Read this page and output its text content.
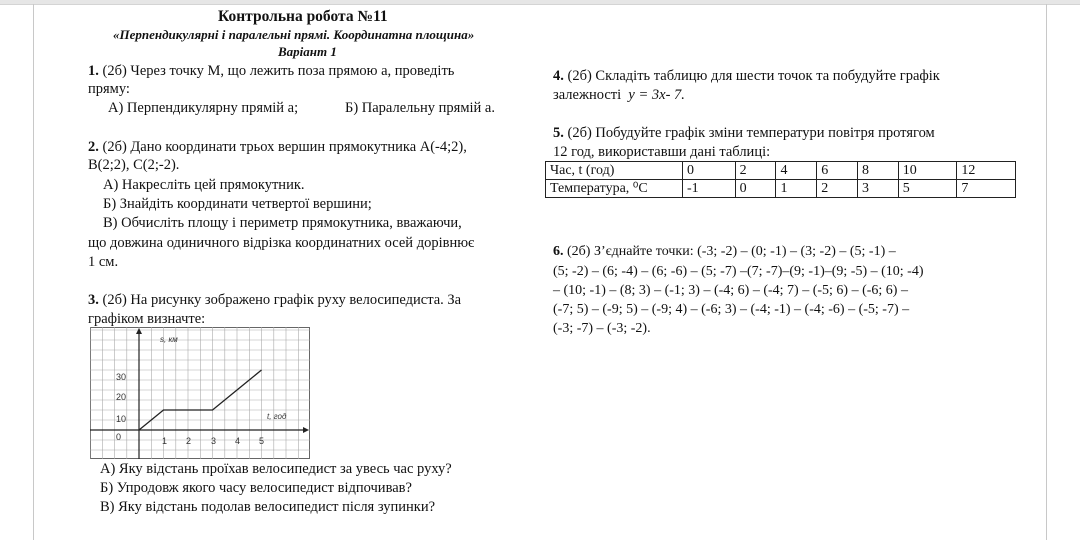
Контрольна робота №11
«Перпендикулярні і паралельні прямі. Координатна площина»
Варіант 1
1. (2б) Через точку М, що лежить поза прямою а, проведіть
пряму:
А) Перпендикулярну прямій а;	Б) Паралельну прямій а.
2. (2б) Дано координати трьох вершин прямокутника А(-4;2),
В(2;2), С(2;-2).
А) Накресліть цей прямокутник.
Б) Знайдіть координати четвертої вершини;
В) Обчисліть площу і периметр прямокутника, вважаючи,
що довжина одиничного відрізка координатних осей дорівнює
1 см.
3. (2б) На рисунку зображено графік руху велосипедиста. За
графіком визначте:
s, км
t, год
30
20
10
0	1 2 3 4 5
А) Яку відстань проїхав велосипедист за увесь час руху?
Б) Упродовж якого часу велосипедист відпочивав?
В) Яку відстань подолав велосипедист після зупинки?
4. (2б) Складіть таблицю для шести точок та побудуйте графік
залежності y = 3x- 7.
5. (2б) Побудуйте графік зміни температури повітря протягом
12 год, використавши дані таблиці:
Час, t (год)	0	2	4	6	8	10	12
Температура, ⁰С	-1	0	1	2	3	5	7
6. (2б) З’єднайте точки: (-3; -2) – (0; -1) – (3; -2) – (5; -1) –
(5; -2) – (6; -4) – (6; -6) – (5; -7) –(7; -7)–(9; -1)–(9; -5) – (10; -4)
– (10; -1) – (8; 3) – (-1; 3) – (-4; 6) – (-4; 7) – (-5; 6) – (-6; 6) –
(-7; 5) – (-9; 5) – (-9; 4) – (-6; 3) – (-4; -1) – (-4; -6) – (-5; -7) –
(-3; -7) – (-3; -2).
